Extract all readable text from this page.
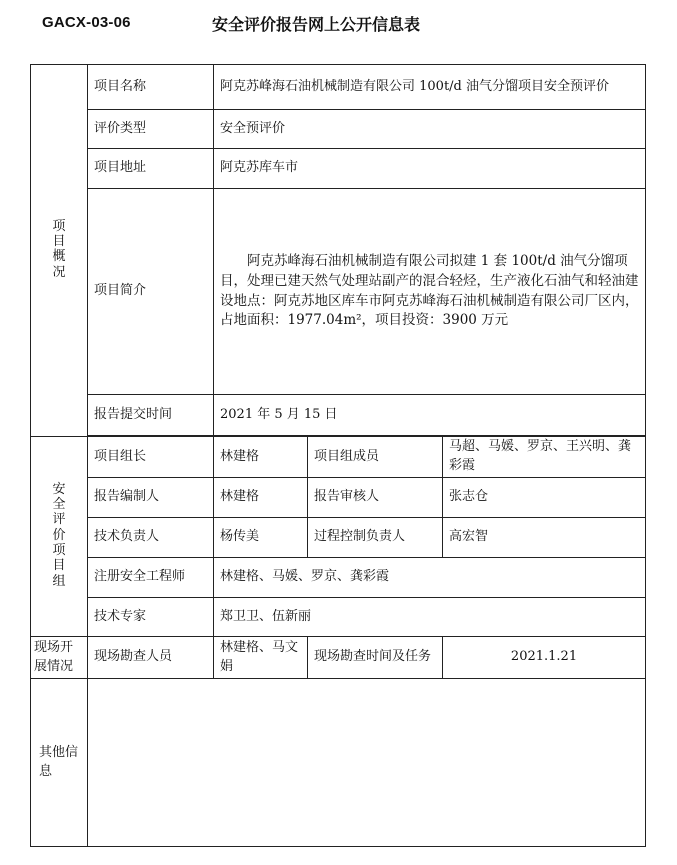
GACX-03-06	安全评价报告网上公开信息表
项目概况	项目名称	阿克苏峰海石油机械制造有限公司 100t/d 油气分馏项目安全预评价		
	评价类型	安全预评价		
	项目地址	阿克苏库车市		
	项目简介	阿克苏峰海石油机械制造有限公司拟建 1 套 100t/d 油气分馏项目，处理已建天然气处理站副产的混合轻烃，生产液化石油气和轻油建设地点：阿克苏地区库车市阿克苏峰海石油机械制造有限公司厂区内，占地面积：1977.04m²，项目投资：3900 万元		
	报告提交时间	2021 年 5 月 15 日		

安全评价项目组	项目组长	林建格	项目组成员	马超、马媛、罗京、王兴明、龚彩霞
	报告编制人	林建格	报告审核人	张志仓
	技术负责人	杨传美	过程控制负责人	高宏智
	注册安全工程师	林建格、马媛、罗京、龚彩霞		
	技术专家	郑卫卫、伍新丽		
现场开展情况	现场勘查人员	林建格、马文娟	现场勘查时间及任务	2021.1.21
其他信息				
